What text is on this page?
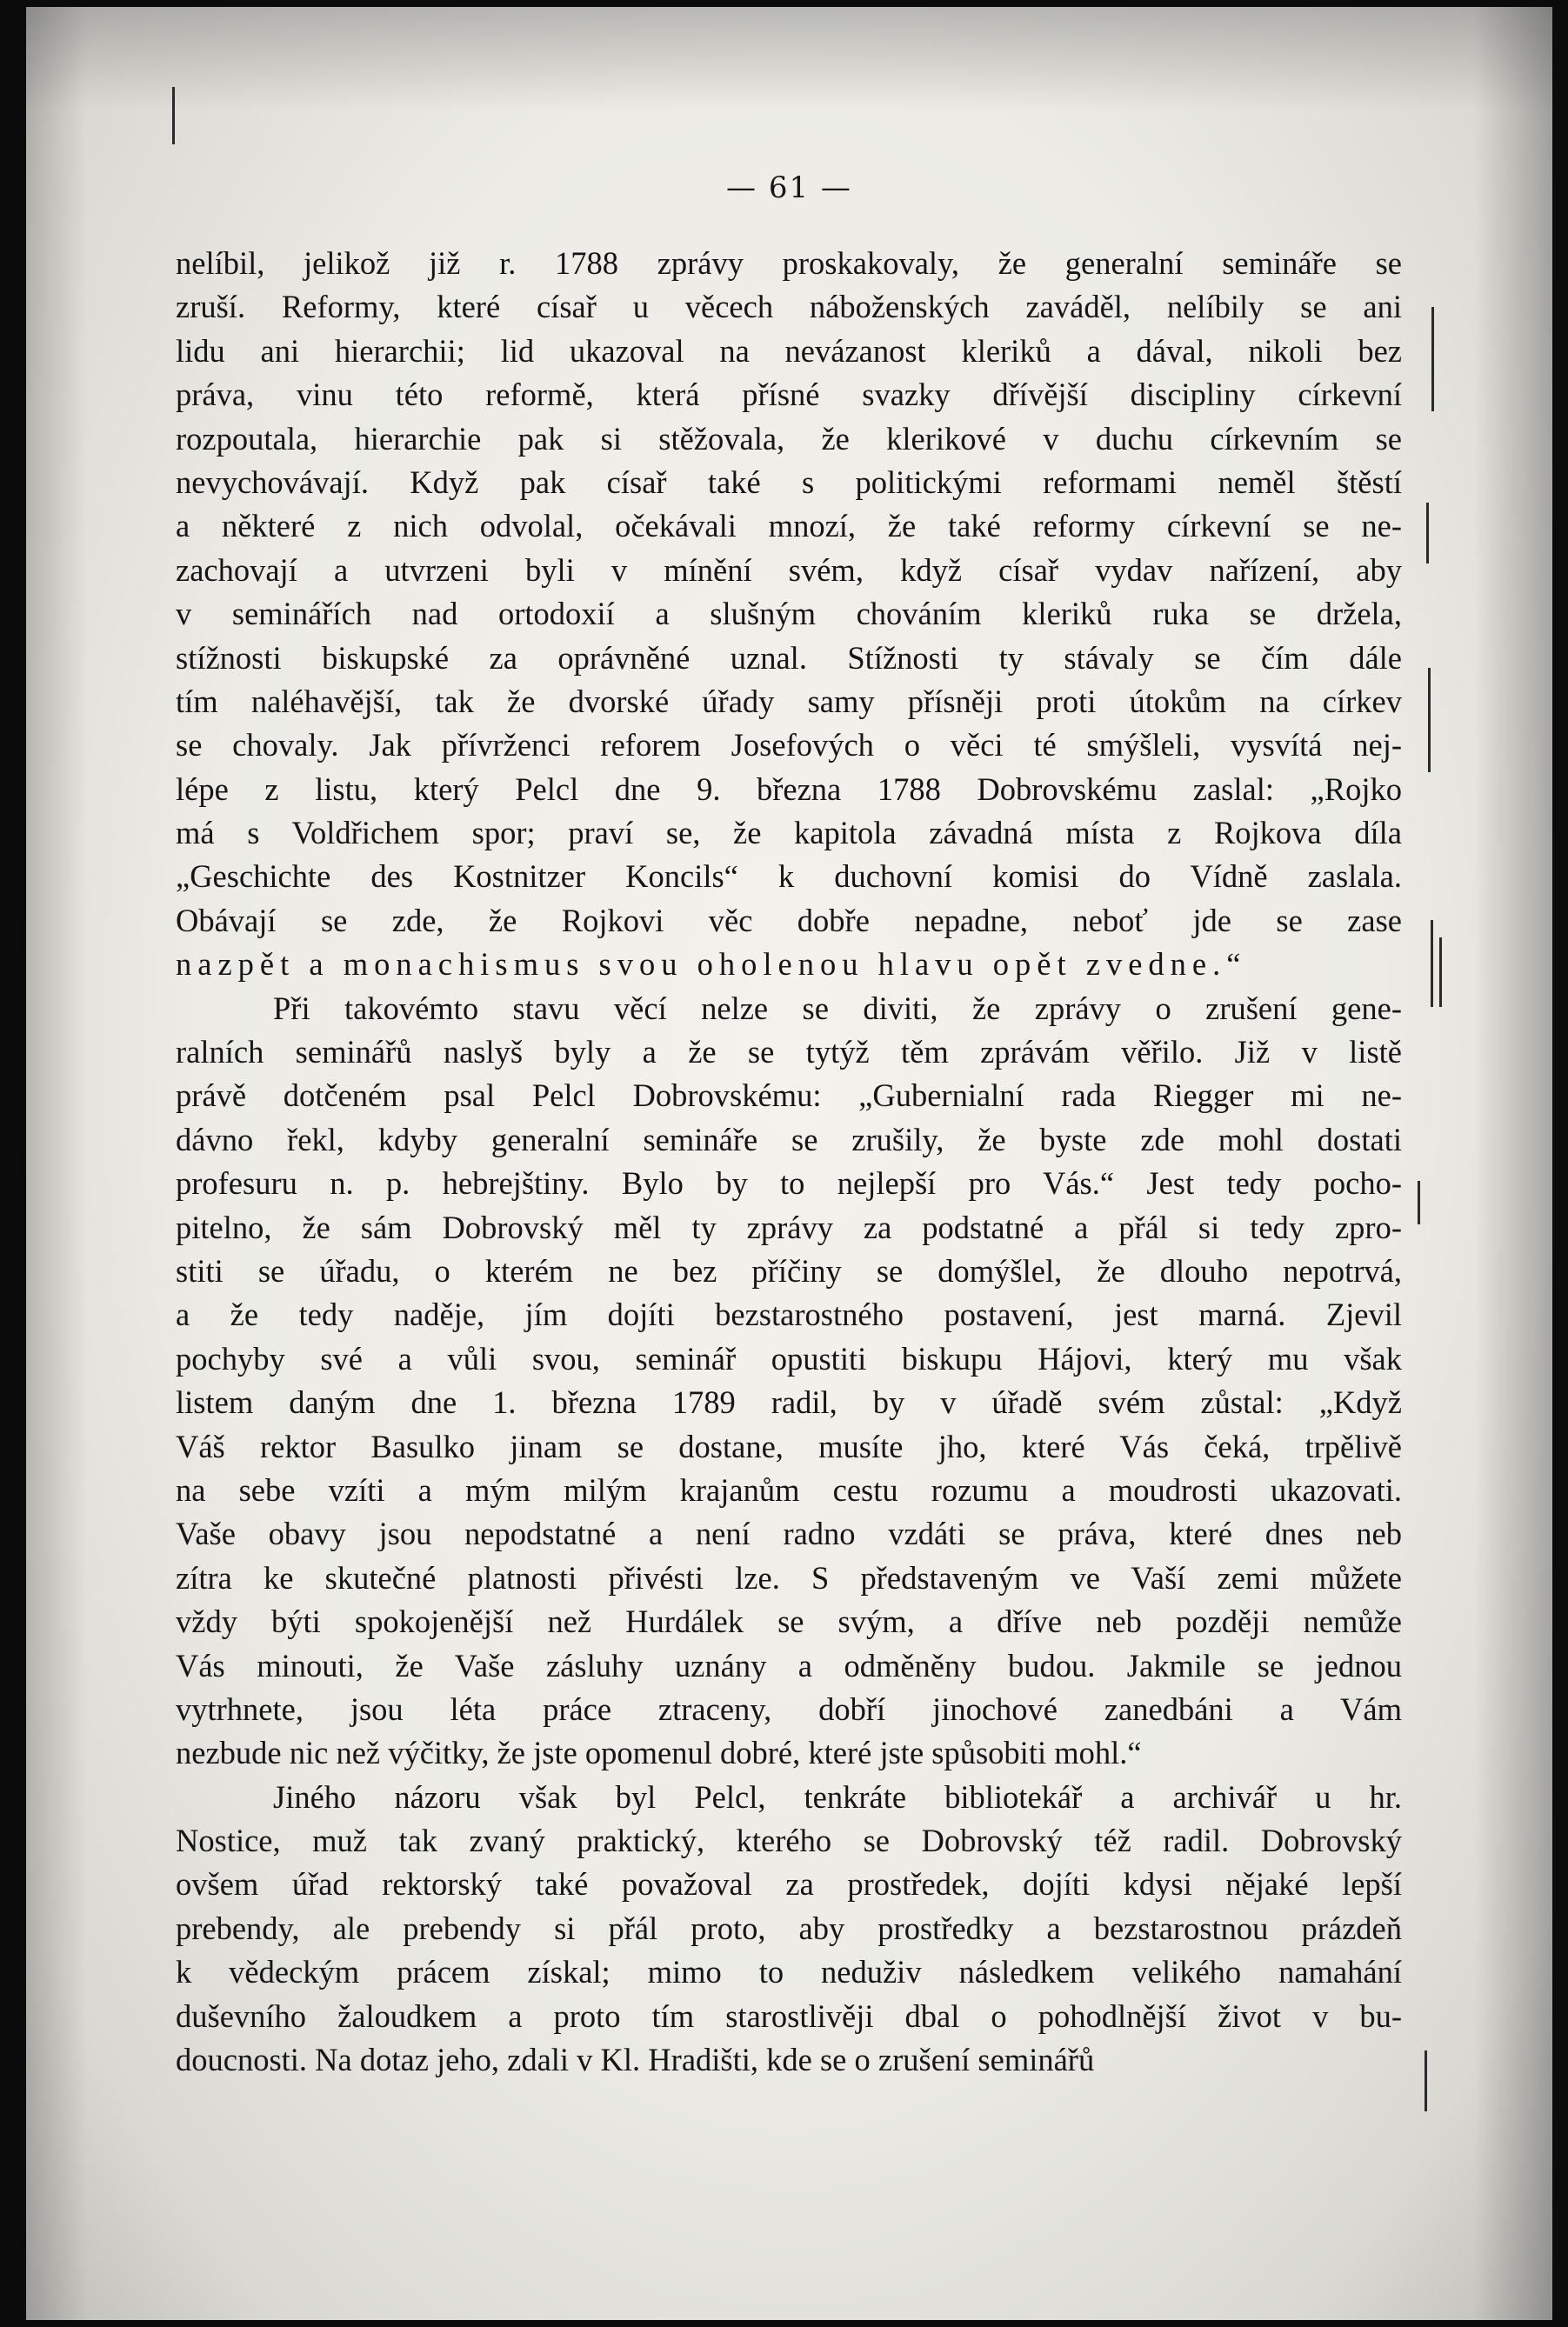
— 61 —
nelíbil, jelikož již r. 1788 zprávy proskakovaly, že generalní semináře se
zruší. Reformy, které císař u věcech náboženských zaváděl, nelíbily se ani
lidu ani hierarchii; lid ukazoval na nevázanost kleriků a dával, nikoli bez
práva, vinu této reformě, která přísné svazky dřívější discipliny církevní
rozpoutala, hierarchie pak si stěžovala, že klerikové v duchu církevním se
nevychovávají. Když pak císař také s politickými reformami neměl štěstí
a některé z nich odvolal, očekávali mnozí, že také reformy církevní se ne-
zachovají a utvrzeni byli v mínění svém, když císař vydav nařízení, aby
v seminářích nad ortodoxií a slušným chováním kleriků ruka se držela,
stížnosti biskupské za oprávněné uznal. Stížnosti ty stávaly se čím dále
tím naléhavější, tak že dvorské úřady samy přísněji proti útokům na církev
se chovaly. Jak přívrženci reforem Josefových o věci té smýšleli, vysvítá nej-
lépe z listu, který Pelcl dne 9. března 1788 Dobrovskému zaslal: „Rojko
má s Voldřichem spor; praví se, že kapitola závadná místa z Rojkova díla
„Geschichte des Kostnitzer Koncils“ k duchovní komisi do Vídně zaslala.
Obávají se zde, že Rojkovi věc dobře nepadne, neboť jde se zase
nazpět a monachismus svou oholenou hlavu opět zvedne.“
Při takovémto stavu věcí nelze se diviti, že zprávy o zrušení gene-
ralních seminářů naslyš byly a že se tytýž těm zprávám věřilo. Již v listě
právě dotčeném psal Pelcl Dobrovskému: „Gubernialní rada Riegger mi ne-
dávno řekl, kdyby generalní semináře se zrušily, že byste zde mohl dostati
profesuru n. p. hebrejštiny. Bylo by to nejlepší pro Vás.“ Jest tedy pocho-
pitelno, že sám Dobrovský měl ty zprávy za podstatné a přál si tedy zpro-
stiti se úřadu, o kterém ne bez příčiny se domýšlel, že dlouho nepotrvá,
a že tedy naděje, jím dojíti bezstarostného postavení, jest marná. Zjevil
pochyby své a vůli svou, seminář opustiti biskupu Hájovi, který mu však
listem daným dne 1. března 1789 radil, by v úřadě svém zůstal: „Když
Váš rektor Basulko jinam se dostane, musíte jho, které Vás čeká, trpělivě
na sebe vzíti a mým milým krajanům cestu rozumu a moudrosti ukazovati.
Vaše obavy jsou nepodstatné a není radno vzdáti se práva, které dnes neb
zítra ke skutečné platnosti přivésti lze. S představeným ve Vaší zemi můžete
vždy býti spokojenější než Hurdálek se svým, a dříve neb později nemůže
Vás minouti, že Vaše zásluhy uznány a odměněny budou. Jakmile se jednou
vytrhnete, jsou léta práce ztraceny, dobří jinochové zanedbáni a Vám
nezbude nic než výčitky, že jste opomenul dobré, které jste spůsobiti mohl.“
Jiného názoru však byl Pelcl, tenkráte bibliotekář a archivář u hr.
Nostice, muž tak zvaný praktický, kterého se Dobrovský též radil. Dobrovský
ovšem úřad rektorský také považoval za prostředek, dojíti kdysi nějaké lepší
prebendy, ale prebendy si přál proto, aby prostředky a bezstarostnou prázdeň
k vědeckým prácem získal; mimo to neduživ následkem velikého namahání
duševního žaloudkem a proto tím starostlivěji dbal o pohodlnější život v bu-
doucnosti. Na dotaz jeho, zdali v Kl. Hradišti, kde se o zrušení seminářů
